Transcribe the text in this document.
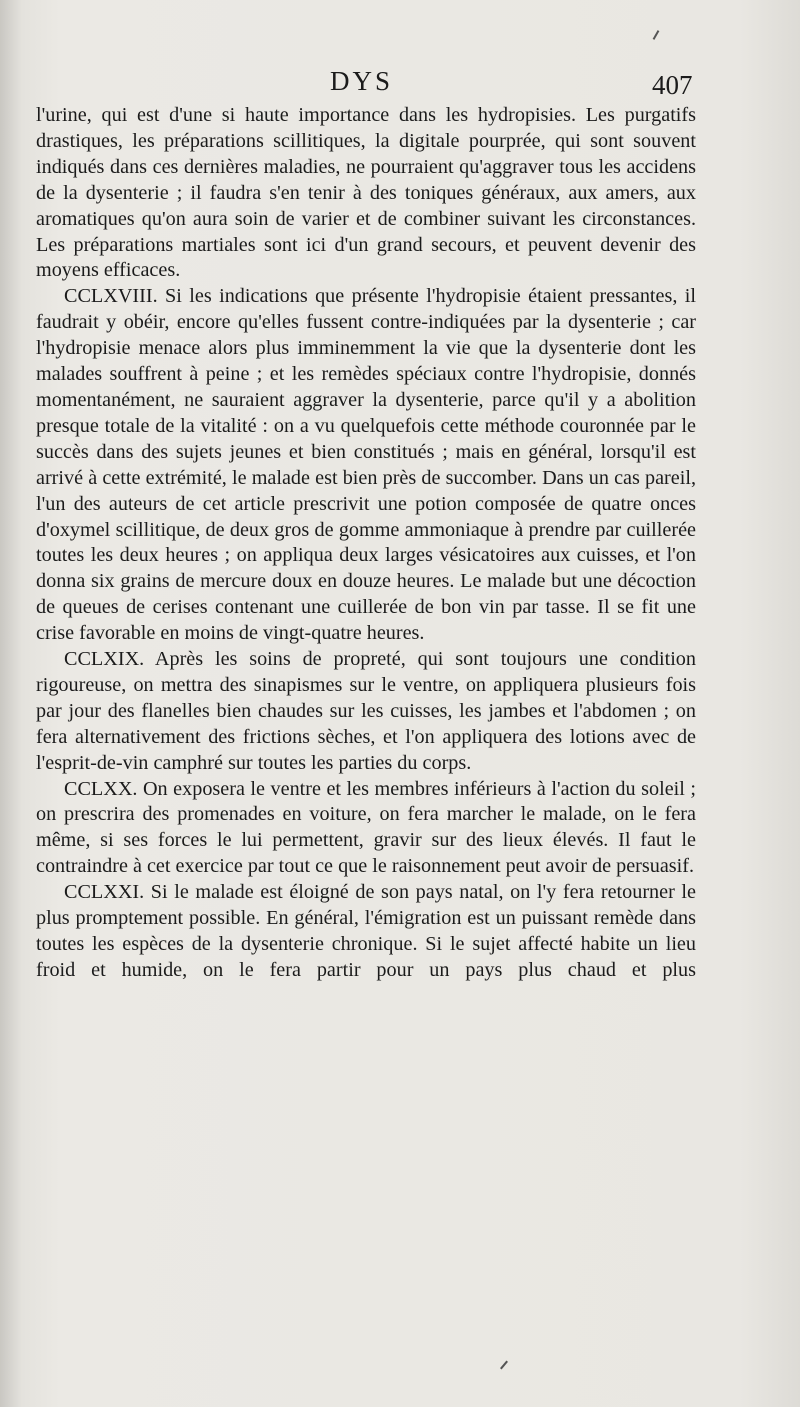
DYS	407

l'urine, qui est d'une si haute importance dans les hydropisies. Les purgatifs drastiques, les préparations scillitiques, la digitale pourprée, qui sont souvent indiqués dans ces dernières maladies, ne pourraient qu'aggraver tous les accidens de la dysenterie ; il faudra s'en tenir à des toniques généraux, aux amers, aux aromatiques qu'on aura soin de varier et de combiner suivant les circonstances. Les préparations martiales sont ici d'un grand secours, et peuvent devenir des moyens efficaces.

CCLXVIII. Si les indications que présente l'hydropisie étaient pressantes, il faudrait y obéir, encore qu'elles fussent contre-indiquées par la dysenterie ; car l'hydropisie menace alors plus imminemment la vie que la dysenterie dont les malades souffrent à peine ; et les remèdes spéciaux contre l'hydropisie, donnés momentanément, ne sauraient aggraver la dysenterie, parce qu'il y a abolition presque totale de la vitalité : on a vu quelquefois cette méthode couronnée par le succès dans des sujets jeunes et bien constitués ; mais en général, lorsqu'il est arrivé à cette extrémité, le malade est bien près de succomber. Dans un cas pareil, l'un des auteurs de cet article prescrivit une potion composée de quatre onces d'oxymel scillitique, de deux gros de gomme ammoniaque à prendre par cuillerée toutes les deux heures ; on appliqua deux larges vésicatoires aux cuisses, et l'on donna six grains de mercure doux en douze heures. Le malade but une décoction de queues de cerises contenant une cuillerée de bon vin par tasse. Il se fit une crise favorable en moins de vingt-quatre heures.

CCLXIX. Après les soins de propreté, qui sont toujours une condition rigoureuse, on mettra des sinapismes sur le ventre, on appliquera plusieurs fois par jour des flanelles bien chaudes sur les cuisses, les jambes et l'abdomen ; on fera alternativement des frictions sèches, et l'on appliquera des lotions avec de l'esprit-de-vin camphré sur toutes les parties du corps.

CCLXX. On exposera le ventre et les membres inférieurs à l'action du soleil ; on prescrira des promenades en voiture, on fera marcher le malade, on le fera même, si ses forces le lui permettent, gravir sur des lieux élevés. Il faut le contraindre à cet exercice par tout ce que le raisonnement peut avoir de persuasif.

CCLXXI. Si le malade est éloigné de son pays natal, on l'y fera retourner le plus promptement possible. En général, l'émigration est un puissant remède dans toutes les espèces de la dysenterie chronique. Si le sujet affecté habite un lieu froid et humide, on le fera partir pour un pays plus chaud et plus
